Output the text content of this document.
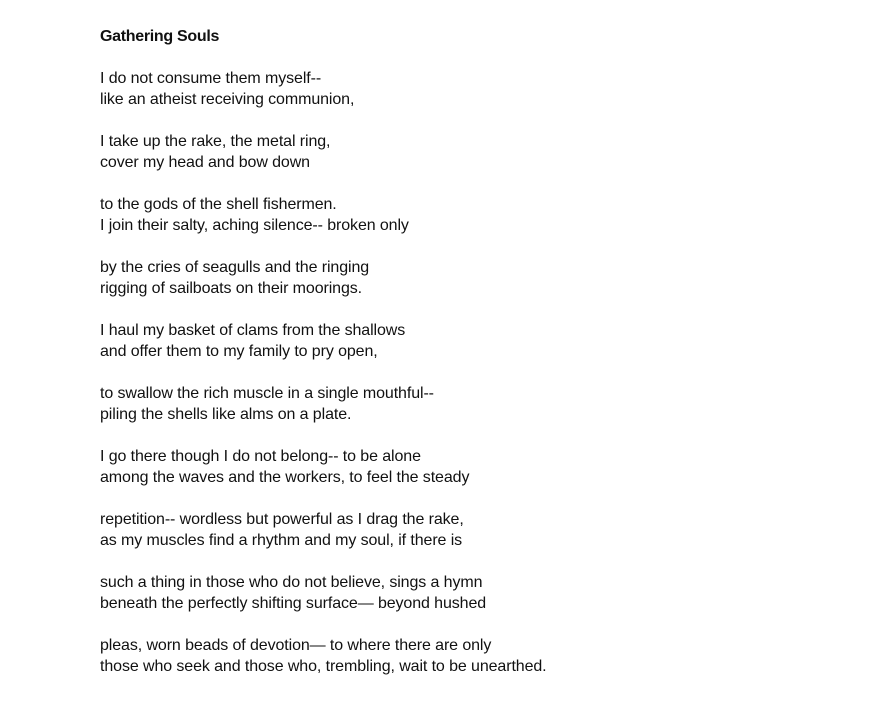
Gathering Souls
I do not consume them myself--
like an atheist receiving communion,
I take up the rake, the metal ring,
cover my head and bow down
to the gods of the shell fishermen.
I join their salty, aching silence-- broken only
by the cries of seagulls and the ringing
rigging of sailboats on their moorings.
I haul my basket of clams from the shallows
and offer them to my family to pry open,
to swallow the rich muscle in a single mouthful--
piling the shells like alms on a plate.
I go there though I do not belong-- to be alone
among the waves and the workers, to feel the steady
repetition-- wordless but powerful as I drag the rake,
as my muscles find a rhythm and my soul, if there is
such a thing in those who do not believe, sings a hymn
beneath the perfectly shifting surface— beyond hushed
pleas, worn beads of devotion— to where there are only
those who seek and those who, trembling, wait to be unearthed.
